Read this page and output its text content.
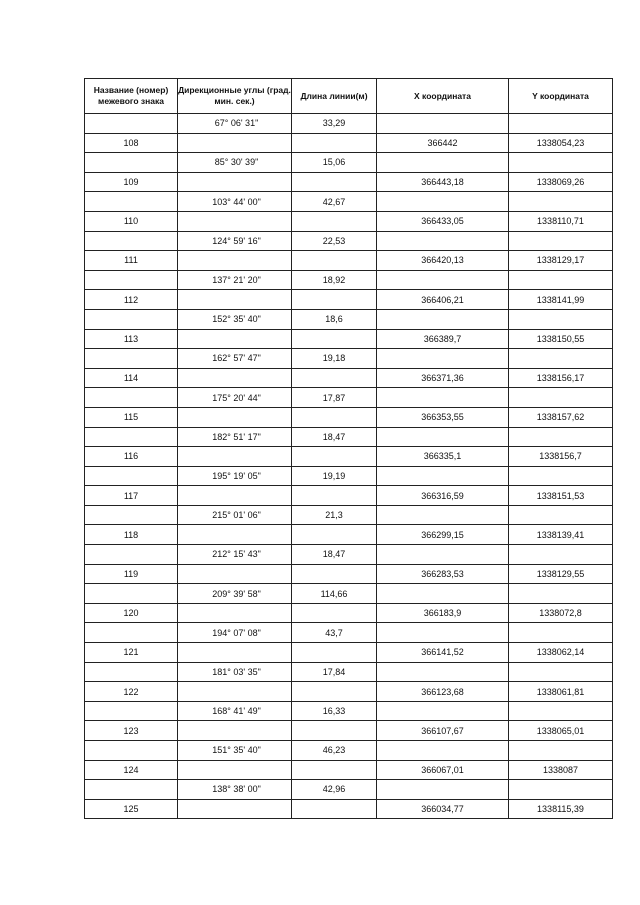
Название (номер) межевого знака	Дирекционные углы (град. мин. сек.)	Длина линии(м)	X координата	Y координата
	67° 06' 31"	33,29		
108			366442	1338054,23
	85° 30' 39"	15,06		
109			366443,18	1338069,26
	103° 44' 00"	42,67		
110			366433,05	1338110,71
	124° 59' 16"	22,53		
111			366420,13	1338129,17
	137° 21' 20"	18,92		
112			366406,21	1338141,99
	152° 35' 40"	18,6		
113			366389,7	1338150,55
	162° 57' 47"	19,18		
114			366371,36	1338156,17
	175° 20' 44"	17,87		
115			366353,55	1338157,62
	182° 51' 17"	18,47		
116			366335,1	1338156,7
	195° 19' 05"	19,19		
117			366316,59	1338151,53
	215° 01' 06"	21,3		
118			366299,15	1338139,41
	212° 15' 43"	18,47		
119			366283,53	1338129,55
	209° 39' 58"	114,66		
120			366183,9	1338072,8
	194° 07' 08"	43,7		
121			366141,52	1338062,14
	181° 03' 35"	17,84		
122			366123,68	1338061,81
	168° 41' 49"	16,33		
123			366107,67	1338065,01
	151° 35' 40"	46,23		
124			366067,01	1338087
	138° 38' 00"	42,96		
125			366034,77	1338115,39
